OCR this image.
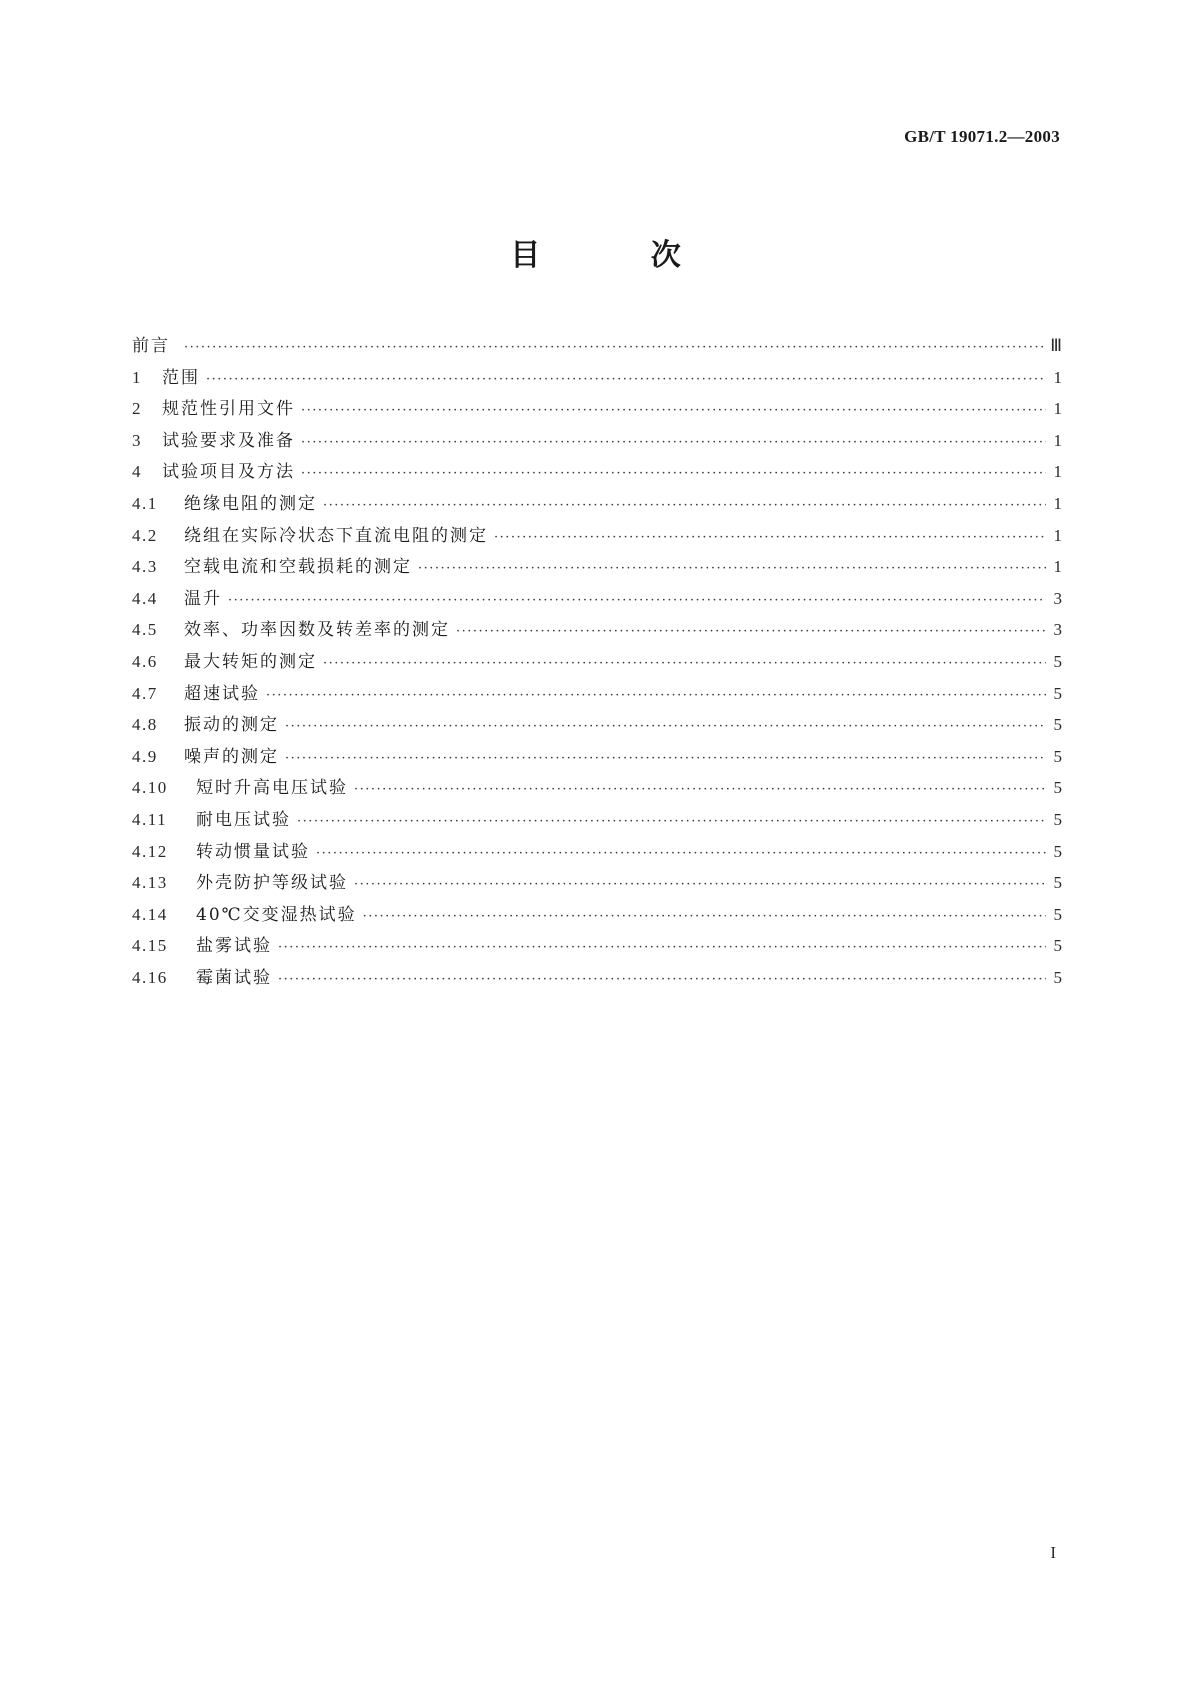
GB/T 19071.2—2003
目 次
前言 ·····	Ⅲ
1	范围 ·····	1
2	规范性引用文件 ·····	1
3	试验要求及准备 ·····	1
4	试验项目及方法 ·····	1
4.1	绝缘电阻的测定 ·····	1
4.2	绕组在实际冷状态下直流电阻的测定 ·····	1
4.3	空载电流和空载损耗的测定 ·····	1
4.4	温升 ·····	3
4.5	效率、功率因数及转差率的测定 ·····	3
4.6	最大转矩的测定 ·····	5
4.7	超速试验 ·····	5
4.8	振动的测定 ·····	5
4.9	噪声的测定 ·····	5
4.10	短时升高电压试验 ·····	5
4.11	耐电压试验 ·····	5
4.12	转动惯量试验 ·····	5
4.13	外壳防护等级试验 ·····	5
4.14	40℃交变湿热试验 ·····	5
4.15	盐雾试验 ·····	5
4.16	霉菌试验 ·····	5
I
